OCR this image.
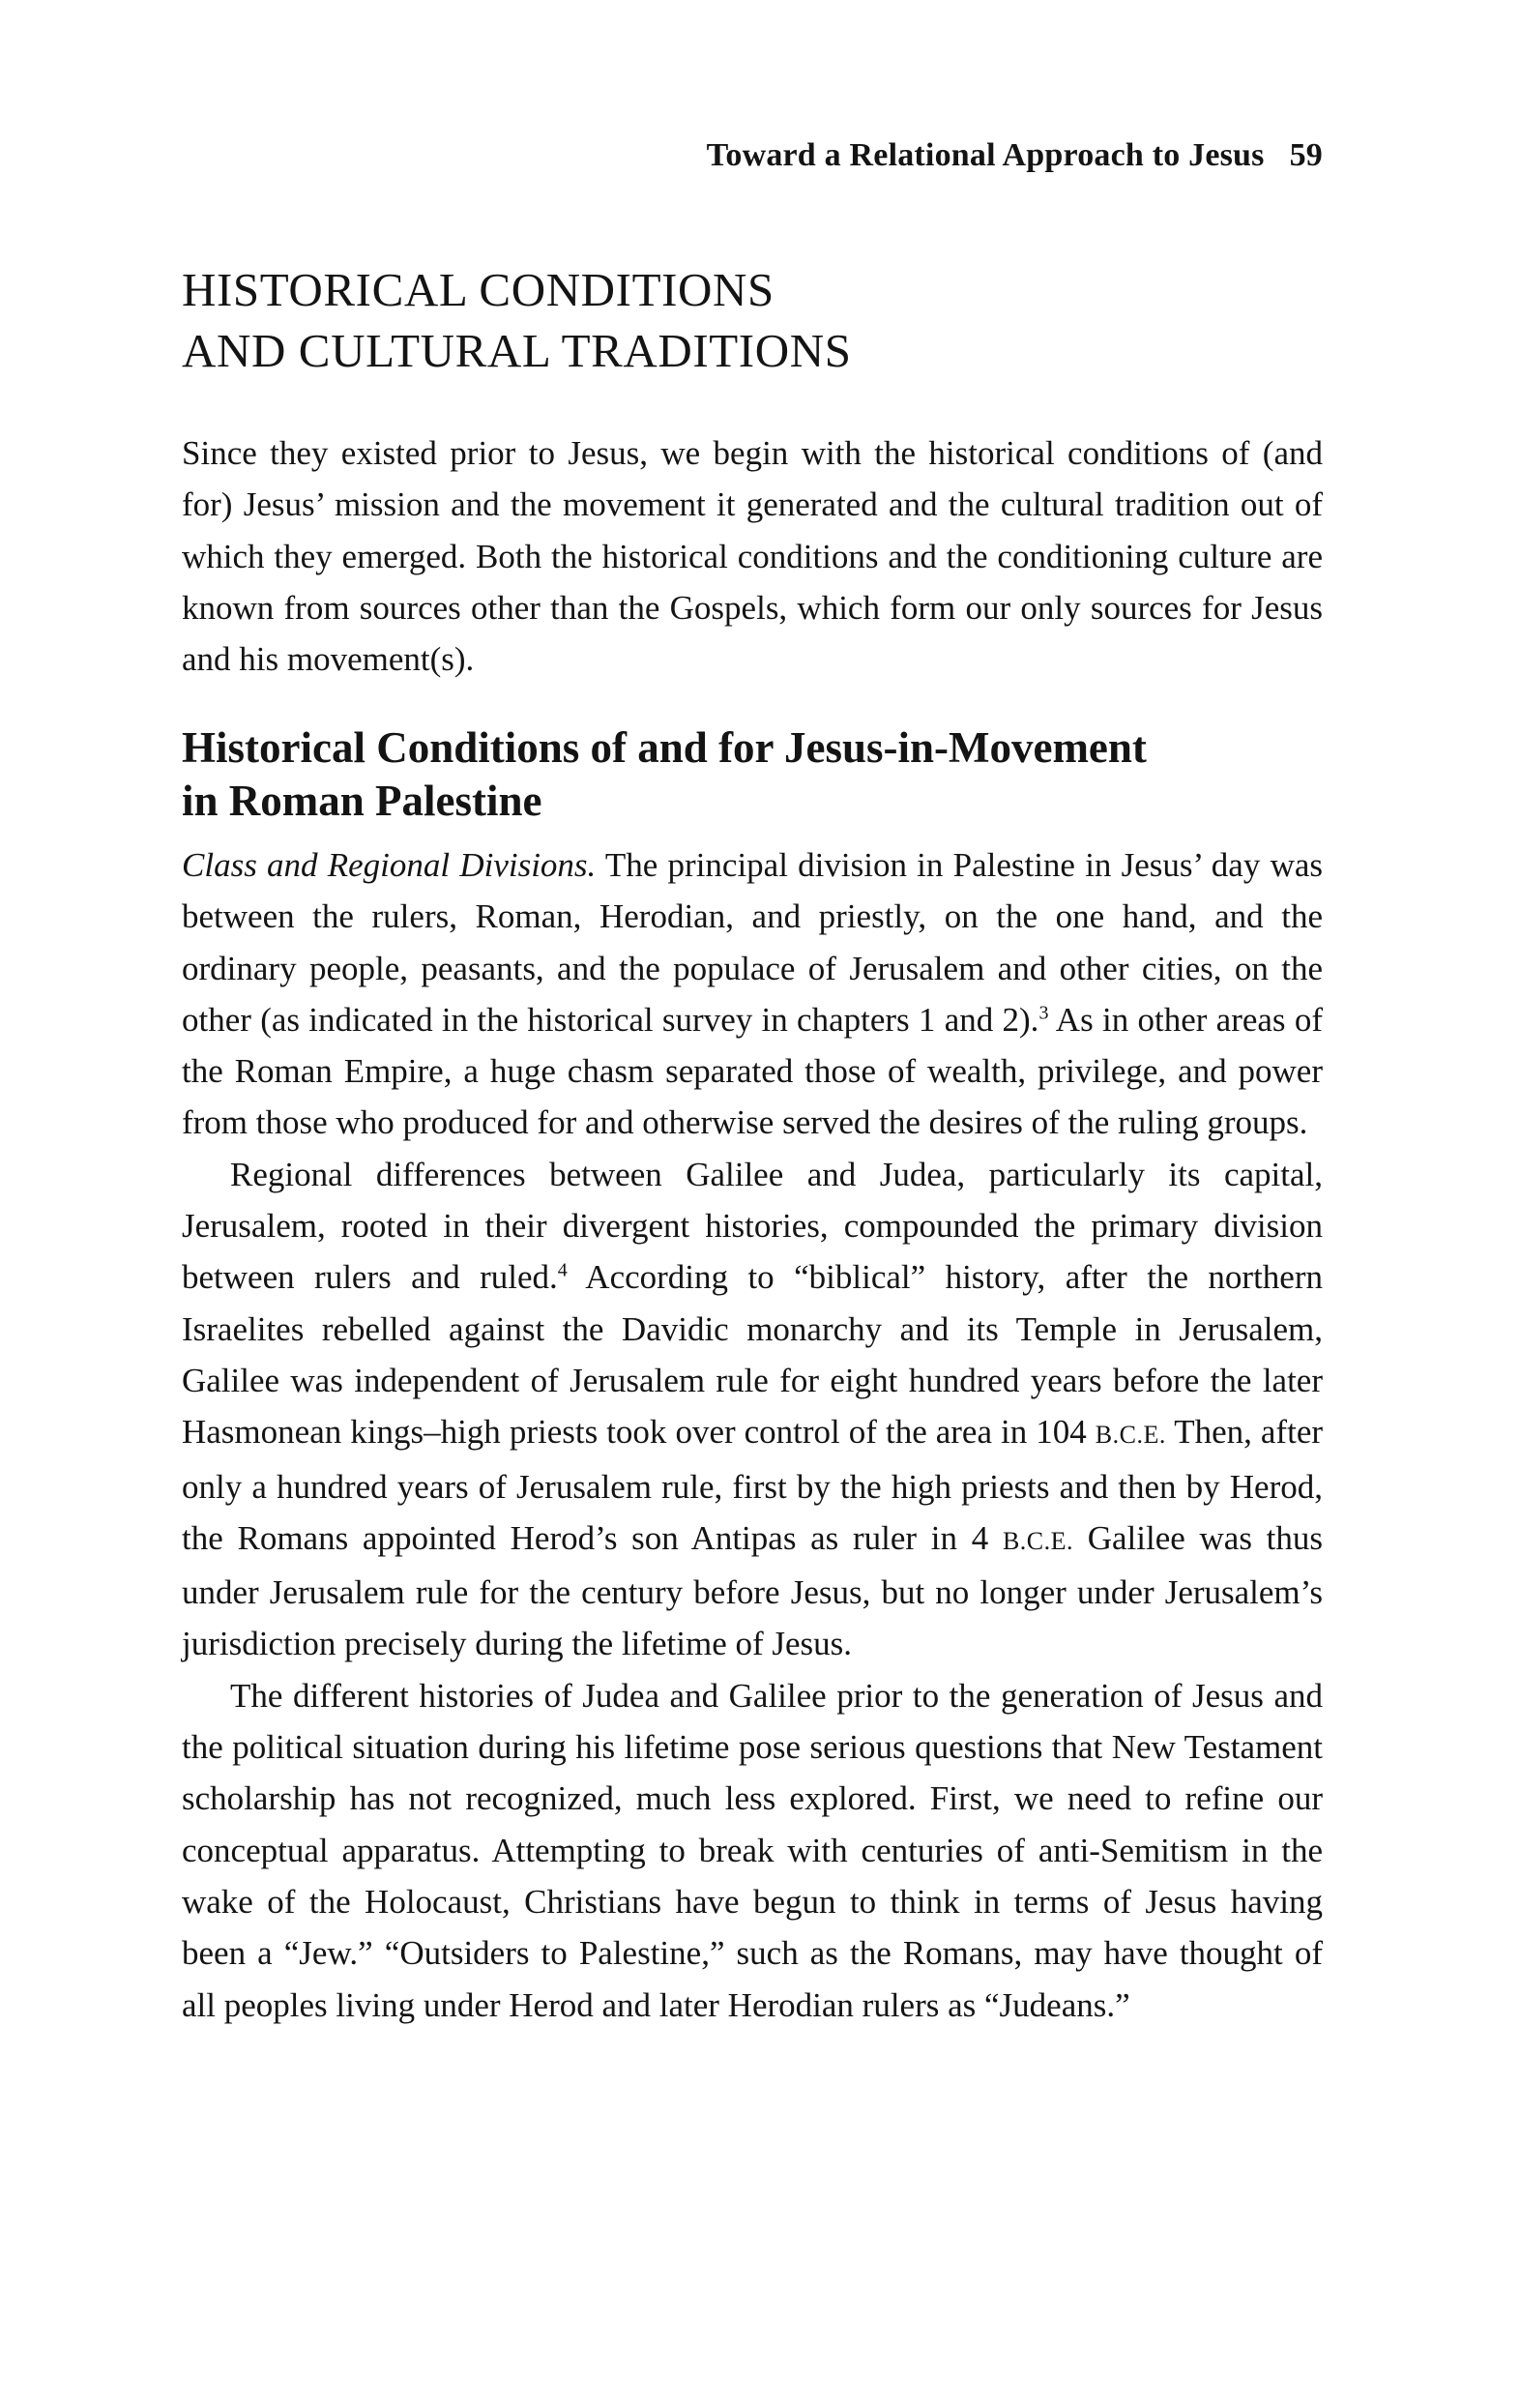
Toward a Relational Approach to Jesus 59
HISTORICAL CONDITIONS
AND CULTURAL TRADITIONS

Since they existed prior to Jesus, we begin with the historical conditions of (and for) Jesus’ mission and the movement it generated and the cultural tradition out of which they emerged. Both the historical conditions and the conditioning culture are known from sources other than the Gospels, which form our only sources for Jesus and his movement(s).

Historical Conditions of and for Jesus-in-Movement
in Roman Palestine

Class and Regional Divisions. The principal division in Palestine in Jesus’ day was between the rulers, Roman, Herodian, and priestly, on the one hand, and the ordinary people, peasants, and the populace of Jerusalem and other cities, on the other (as indicated in the historical survey in chapters 1 and 2).$^3$ As in other areas of the Roman Empire, a huge chasm separated those of wealth, privilege, and power from those who produced for and otherwise served the desires of the ruling groups.

Regional differences between Galilee and Judea, particularly its capital, Jerusalem, rooted in their divergent histories, compounded the primary division between rulers and ruled.$^4$ According to “biblical” history, after the northern Israelites rebelled against the Davidic monarchy and its Temple in Jerusalem, Galilee was independent of Jerusalem rule for eight hundred years before the later Hasmonean kings–high priests took over control of the area in 104 B.C.E. Then, after only a hundred years of Jerusalem rule, first by the high priests and then by Herod, the Romans appointed Herod’s son Antipas as ruler in 4 B.C.E. Galilee was thus under Jerusalem rule for the century before Jesus, but no longer under Jerusalem’s jurisdiction precisely during the lifetime of Jesus.

The different histories of Judea and Galilee prior to the generation of Jesus and the political situation during his lifetime pose serious questions that New Testament scholarship has not recognized, much less explored. First, we need to refine our conceptual apparatus. Attempting to break with centuries of anti-Semitism in the wake of the Holocaust, Christians have begun to think in terms of Jesus having been a “Jew.” “Outsiders to Palestine,” such as the Romans, may have thought of all peoples living under Herod and later Herodian rulers as “Judeans.”
